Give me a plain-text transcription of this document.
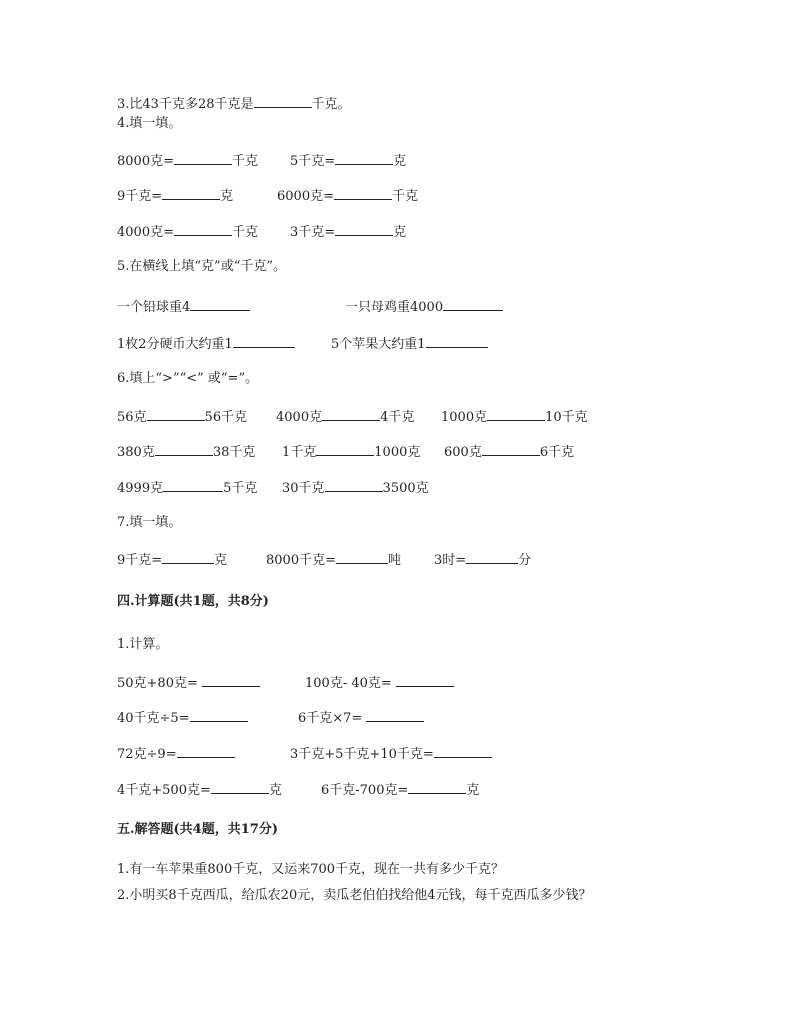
3.比43千克多28千克是	千克。
4.填一填。
8000克=	千克 5千克=	克
9千克=	克	6000克=	千克
4000克=	千克 3千克=	克
5.在横线上填“克”或“千克”。
一个铅球重4	一只母鸡重4000
1枚2分硬币大约重1	5个苹果大约重1
6.填上“>”“<” 或“=”。
56克	56千克 4000克	4千克 1000克	10千克
380克	38千克 1千克	1000克 600克	6千克
4999克	5千克 30千克	3500克
7.填一填。
9千克=	克	8000千克=	吨	3时=	分
四.计算题(共1题，共8分)
1.计算。
50克+80克=	100克- 40克=
40千克÷5=	6千克×7=
72克÷9=	3千克+5千克+10千克=
4千克+500克=	克	6千克-700克=	克
五.解答题(共4题，共17分)
1.有一车苹果重800千克，又运来700千克，现在一共有多少千克？
2.小明买8千克西瓜，给瓜农20元，卖瓜老伯伯找给他4元钱，每千克西瓜多少钱？
